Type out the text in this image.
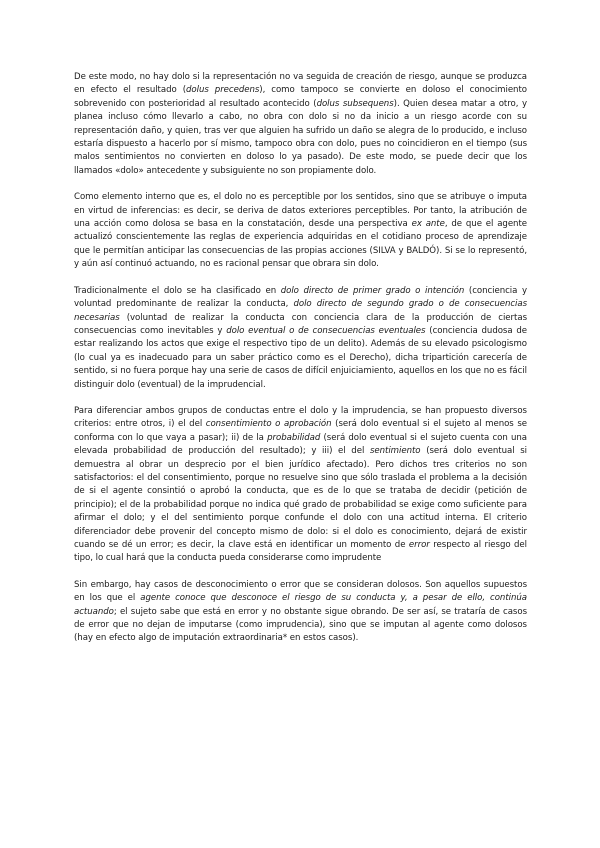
De este modo, no hay dolo si la representación no va seguida de creación de riesgo, aunque se produzca en efecto el resultado (dolus precedens), como tampoco se convierte en doloso el conocimiento sobrevenido con posterioridad al resultado acontecido (dolus subsequens). Quien desea matar a otro, y planea incluso cómo llevarlo a cabo, no obra con dolo si no da inicio a un riesgo acorde con su representación daño, y quien, tras ver que alguien ha sufrido un daño se alegra de lo producido, e incluso estaría dispuesto a hacerlo por sí mismo, tampoco obra con dolo, pues no coincidieron en el tiempo (sus malos sentimientos no convierten en doloso lo ya pasado). De este modo, se puede decir que los llamados «dolo» antecedente y subsiguiente no son propiamente dolo.

Como elemento interno que es, el dolo no es perceptible por los sentidos, sino que se atribuye o imputa en virtud de inferencias: es decir, se deriva de datos exteriores perceptibles. Por tanto, la atribución de una acción como dolosa se basa en la constatación, desde una perspectiva ex ante, de que el agente actualizó conscientemente las reglas de experiencia adquiridas en el cotidiano proceso de aprendizaje que le permitían anticipar las consecuencias de las propias acciones (SILVA y BALDÓ). Si se lo representó, y aún así continuó actuando, no es racional pensar que obrara sin dolo.

Tradicionalmente el dolo se ha clasificado en dolo directo de primer grado o intención (conciencia y voluntad predominante de realizar la conducta, dolo directo de segundo grado o de consecuencias necesarias (voluntad de realizar la conducta con conciencia clara de la producción de ciertas consecuencias como inevitables y dolo eventual o de consecuencias eventuales (conciencia dudosa de estar realizando los actos que exige el respectivo tipo de un delito). Además de su elevado psicologismo (lo cual ya es inadecuado para un saber práctico como es el Derecho), dicha tripartición carecería de sentido, si no fuera porque hay una serie de casos de difícil enjuiciamiento, aquellos en los que no es fácil distinguir dolo (eventual) de la imprudencial.

Para diferenciar ambos grupos de conductas entre el dolo y la imprudencia, se han propuesto diversos criterios: entre otros, i) el del consentimiento o aprobación (será dolo eventual si el sujeto al menos se conforma con lo que vaya a pasar); ii) de la probabilidad (será dolo eventual si el sujeto cuenta con una elevada probabilidad de producción del resultado); y iii) el del sentimiento (será dolo eventual si demuestra al obrar un desprecio por el bien jurídico afectado). Pero dichos tres criterios no son satisfactorios: el del consentimiento, porque no resuelve sino que sólo traslada el problema a la decisión de si el agente consintió o aprobó la conducta, que es de lo que se trataba de decidir (petición de principio); el de la probabilidad porque no indica qué grado de probabilidad se exige como suficiente para afirmar el dolo; y el del sentimiento porque confunde el dolo con una actitud interna. El criterio diferenciador debe provenir del concepto mismo de dolo: si el dolo es conocimiento, dejará de existir cuando se dé un error; es decir, la clave está en identificar un momento de error respecto al riesgo del tipo, lo cual hará que la conducta pueda considerarse como imprudente

Sin embargo, hay casos de desconocimiento o error que se consideran dolosos. Son aquellos supuestos en los que el agente conoce que desconoce el riesgo de su conducta y, a pesar de ello, continúa actuando; el sujeto sabe que está en error y no obstante sigue obrando. De ser así, se trataría de casos de error que no dejan de imputarse (como imprudencia), sino que se imputan al agente como dolosos (hay en efecto algo de imputación extraordinaria* en estos casos).
